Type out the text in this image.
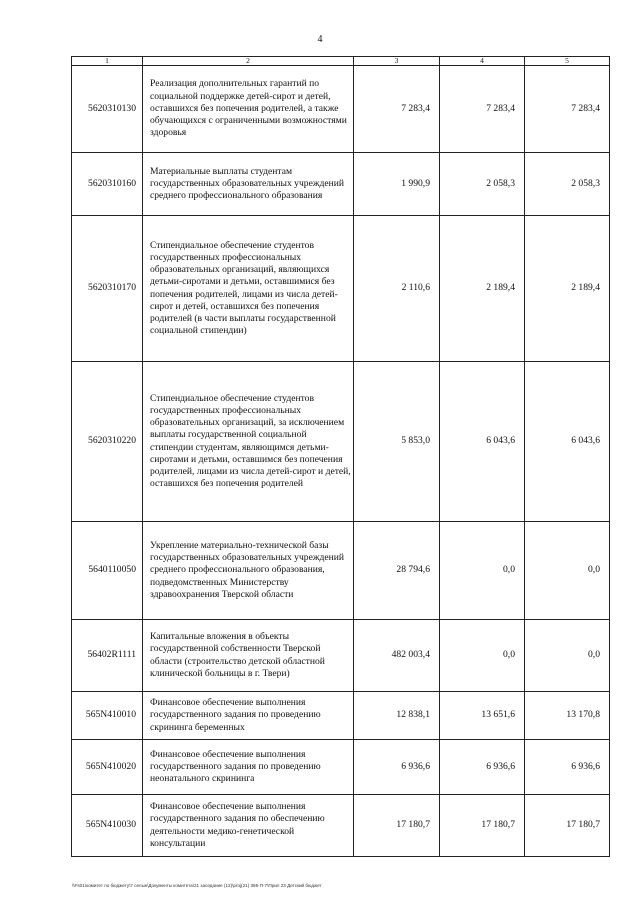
4
1	2	3	4	5
5620310130	Реализация дополнительных гарантий по социальной поддержке детей-сирот и детей, оставшихся без попечения родителей, а также обучающихся с ограниченными возможностями здоровья	7 283,4	7 283,4	7 283,4
5620310160	Материальные выплаты студентам государственных образовательных учреждений среднего профессионального образования	1 990,9	2 058,3	2 058,3
5620310170	Стипендиальное обеспечение студентов государственных профессиональных образовательных организаций, являющихся детьми-сиротами и детьми, оставшимися без попечения родителей, лицами из числа детей-сирот и детей, оставшихся без попечения родителей (в части выплаты государственной социальной стипендии)	2 110,6	2 189,4	2 189,4
5620310220	Стипендиальное обеспечение студентов государственных профессиональных образовательных организаций, за исключением выплаты государственной социальной стипендии студентам, являющимся детьми-сиротами и детьми, оставшимся без попечения родителей, лицами из числа детей-сирот и детей, оставшихся без попечения родителей	5 853,0	6 043,6	6 043,6
5640110050	Укрепление материально-технической базы государственных образовательных учреждений среднего профессионального образования, подведомственных Министерству здравоохранения Тверской области	28 794,6	0,0	0,0
56402R1111	Капитальные вложения в объекты государственной собственности Тверской области (строительство детской областной клинической больницы в г. Твери)	482 003,4	0,0	0,0
565N410010	Финансовое обеспечение выполнения государственного задания по проведению скрининга беременных	12 838,1	13 651,6	13 170,8
565N410020	Финансовое обеспечение выполнения государственного задания по проведению неонатального скрининга	6 936,6	6 936,6	6 936,6
565N410030	Финансовое обеспечение выполнения государственного задания по обеспечению деятельности медико-генетической консультации	17 180,7	17 180,7	17 180,7
\\Fs01\комитет по бюджету\7 сельж\Документы комитета\21 заседание (12)\proj(21) 385-П-7\Прил 23 Детский бюджет
